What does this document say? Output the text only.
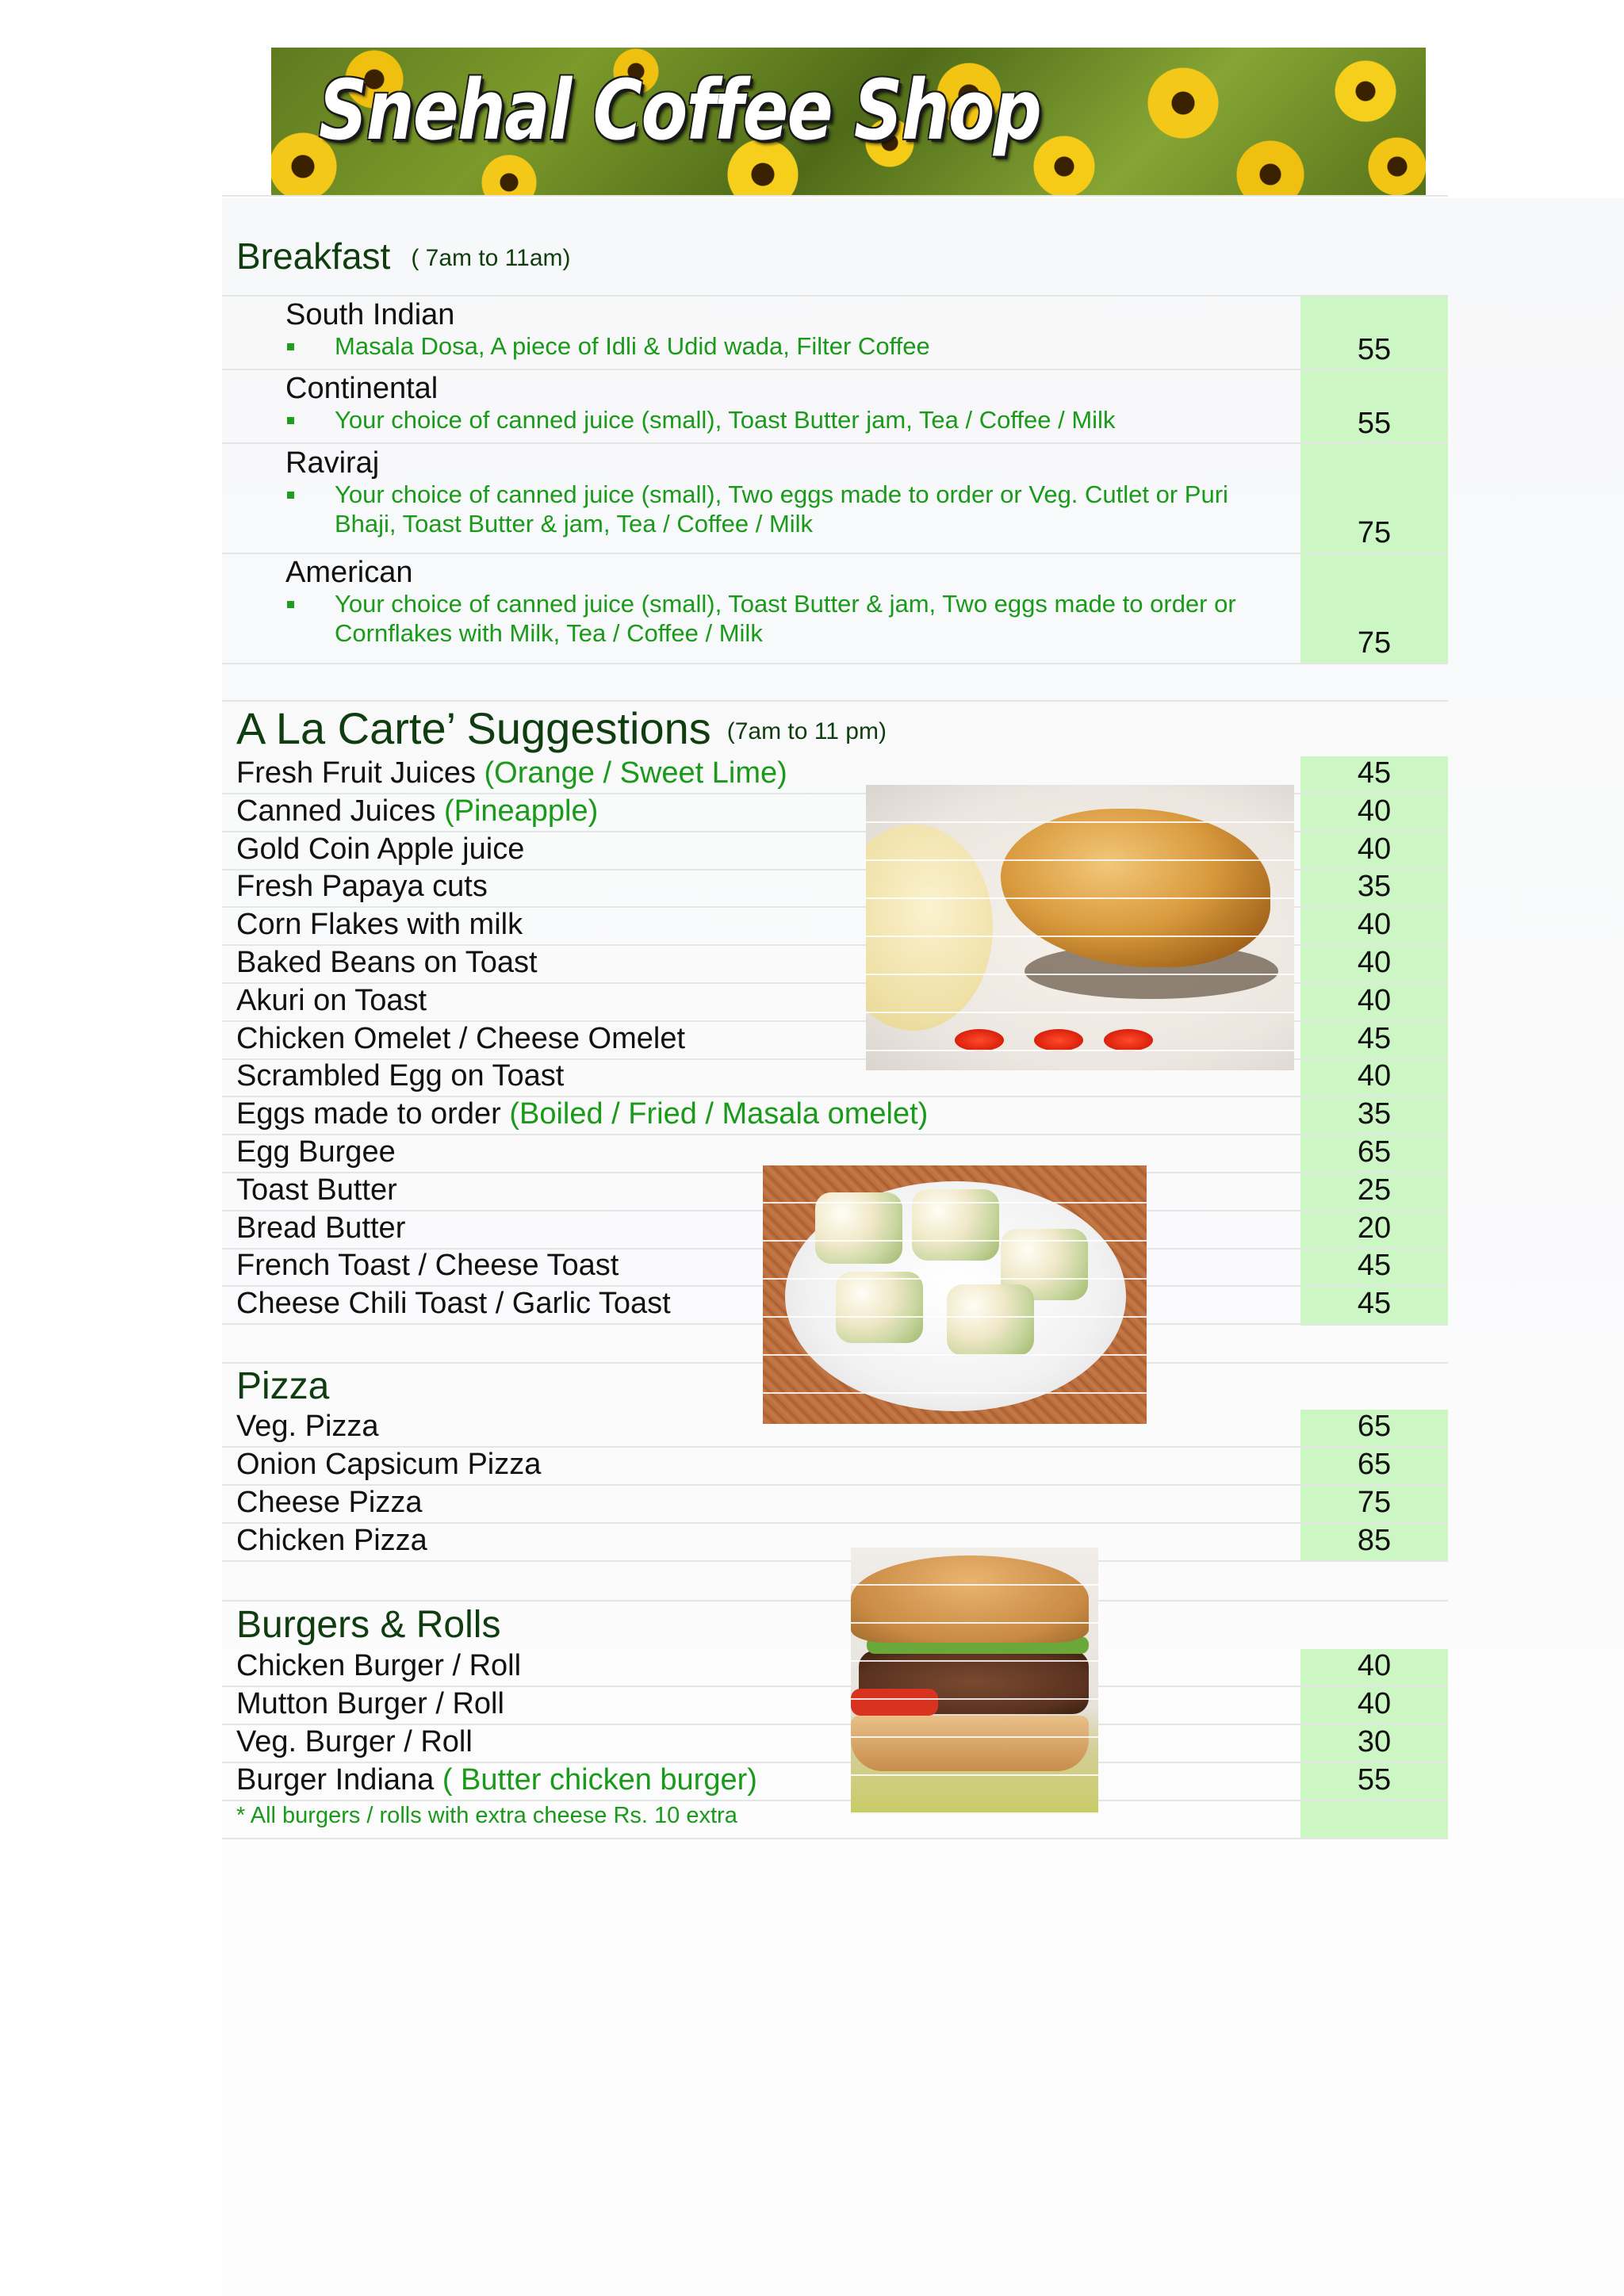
Snehal Coffee Shop
Breakfast ( 7am to 11am)
South Indian
Masala Dosa, A piece of Idli & Udid wada, Filter Coffee	55
Continental
Your choice of canned juice (small), Toast Butter jam, Tea / Coffee / Milk	55
Raviraj
Your choice of canned juice (small), Two eggs made to order or Veg. Cutlet or Puri Bhaji, Toast Butter & jam, Tea / Coffee / Milk	75
American
Your choice of canned juice (small), Toast Butter & jam, Two eggs made to order or Cornflakes with Milk, Tea / Coffee / Milk	75
A La Carte’ Suggestions (7am to 11 pm)
Fresh Fruit Juices (Orange / Sweet Lime)	45
Canned Juices (Pineapple)	40
Gold Coin Apple juice	40
Fresh Papaya cuts	35
Corn Flakes with milk	40
Baked Beans on Toast	40
Akuri on Toast	40
Chicken Omelet / Cheese Omelet	45
Scrambled Egg on Toast	40
Eggs made to order (Boiled / Fried / Masala omelet)	35
Egg Burgee	65
Toast Butter	25
Bread Butter	20
French Toast / Cheese Toast	45
Cheese Chili Toast / Garlic Toast	45
Pizza
Veg. Pizza	65
Onion Capsicum Pizza	65
Cheese Pizza	75
Chicken Pizza	85
Burgers & Rolls
Chicken Burger / Roll	40
Mutton Burger / Roll	40
Veg. Burger / Roll	30
Burger Indiana ( Butter chicken burger)	55
* All burgers / rolls with extra cheese Rs. 10 extra
